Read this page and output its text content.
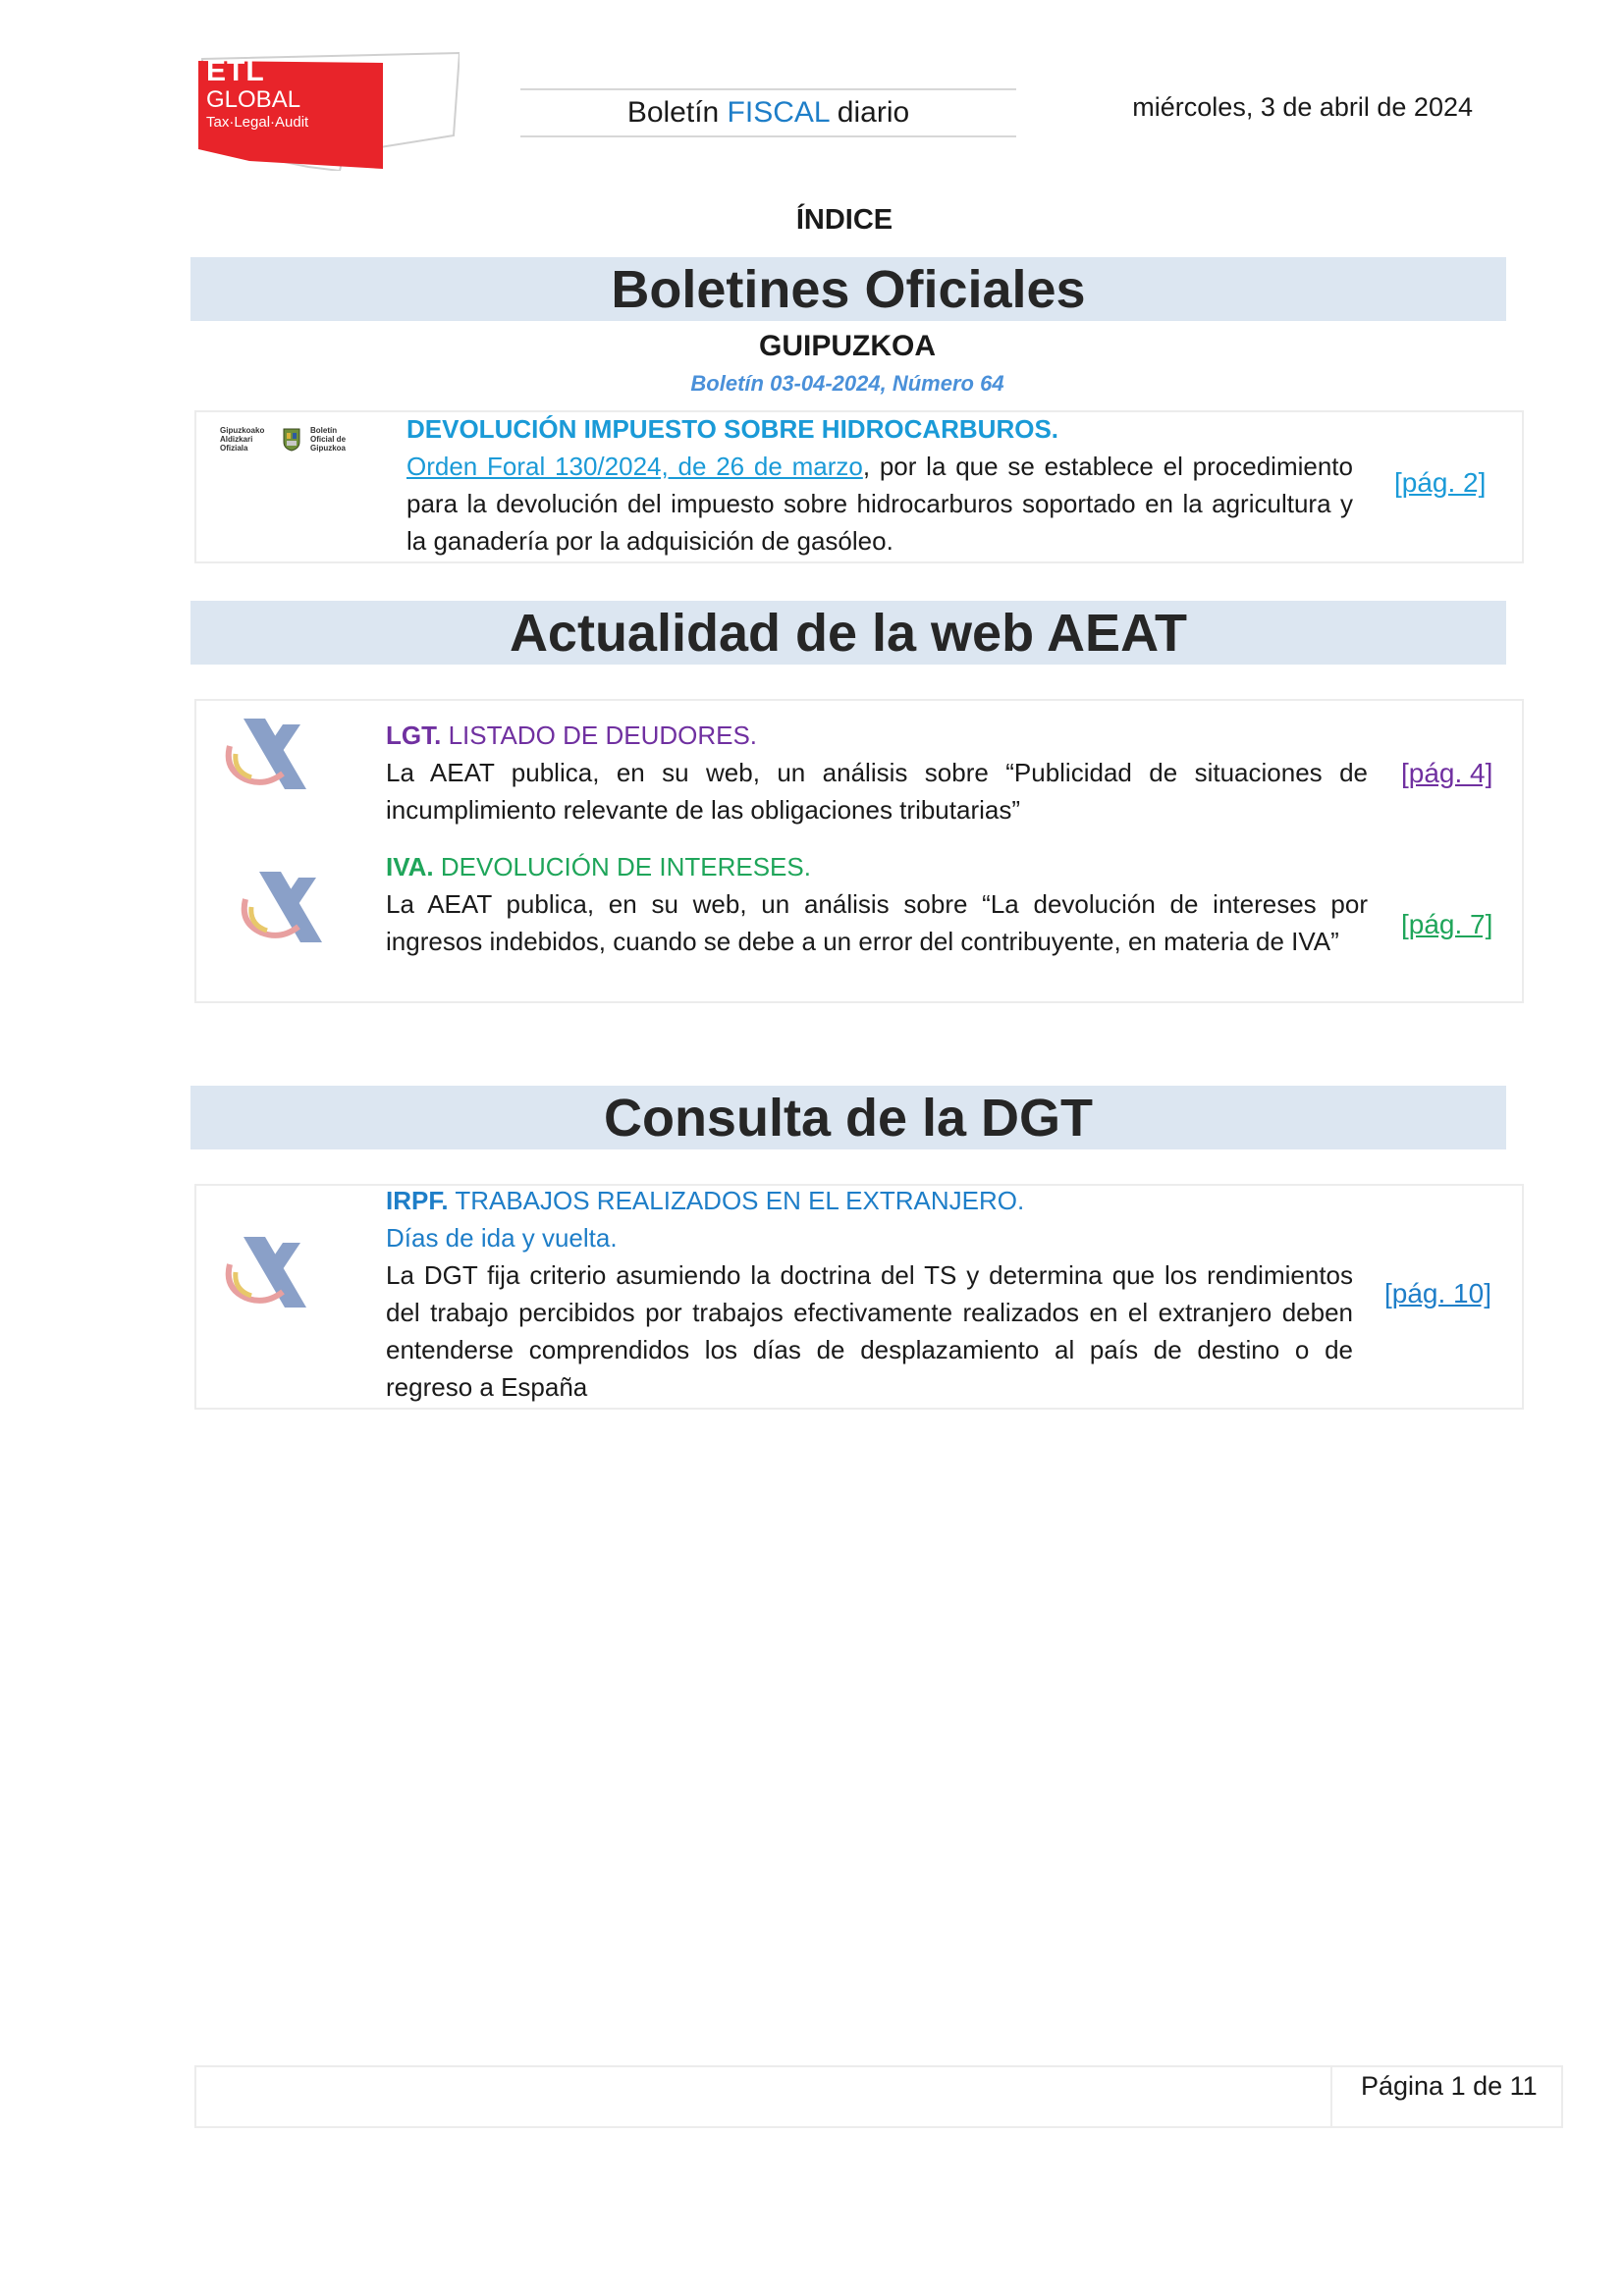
ETL
GLOBAL
Tax·Legal·Audit	Boletín FISCAL diario	miércoles, 3 de abril de 2024
ÍNDICE
Boletines Oficiales
GUIPUZKOA
Boletín 03-04-2024, Número 64
Gipuzkoako
Aldizkari
Ofiziala
Boletín
Oficial de
Gipuzkoa
DEVOLUCIÓN IMPUESTO SOBRE HIDROCARBUROS.
Orden Foral 130/2024, de 26 de marzo, por la que se establece el procedimiento para la devolución del impuesto sobre hidrocarburos soportado en la agricultura y la ganadería por la adquisición de gasóleo.
[pág. 2]
Actualidad de la web AEAT
LGT. LISTADO DE DEUDORES.
La AEAT publica, en su web, un análisis sobre “Publicidad de situaciones de incumplimiento relevante de las obligaciones tributarias”
[pág. 4]
IVA. DEVOLUCIÓN DE INTERESES.
La AEAT publica, en su web, un análisis sobre “La devolución de intereses por ingresos indebidos, cuando se debe a un error del contribuyente, en materia de IVA”
[pág. 7]
Consulta de la DGT
IRPF. TRABAJOS REALIZADOS EN EL EXTRANJERO.
Días de ida y vuelta.
La DGT fija criterio asumiendo la doctrina del TS y determina que los rendimientos del trabajo percibidos por trabajos efectivamente realizados en el extranjero deben entenderse comprendidos los días de desplazamiento al país de destino o de regreso a España
[pág. 10]
Página 1 de 11
